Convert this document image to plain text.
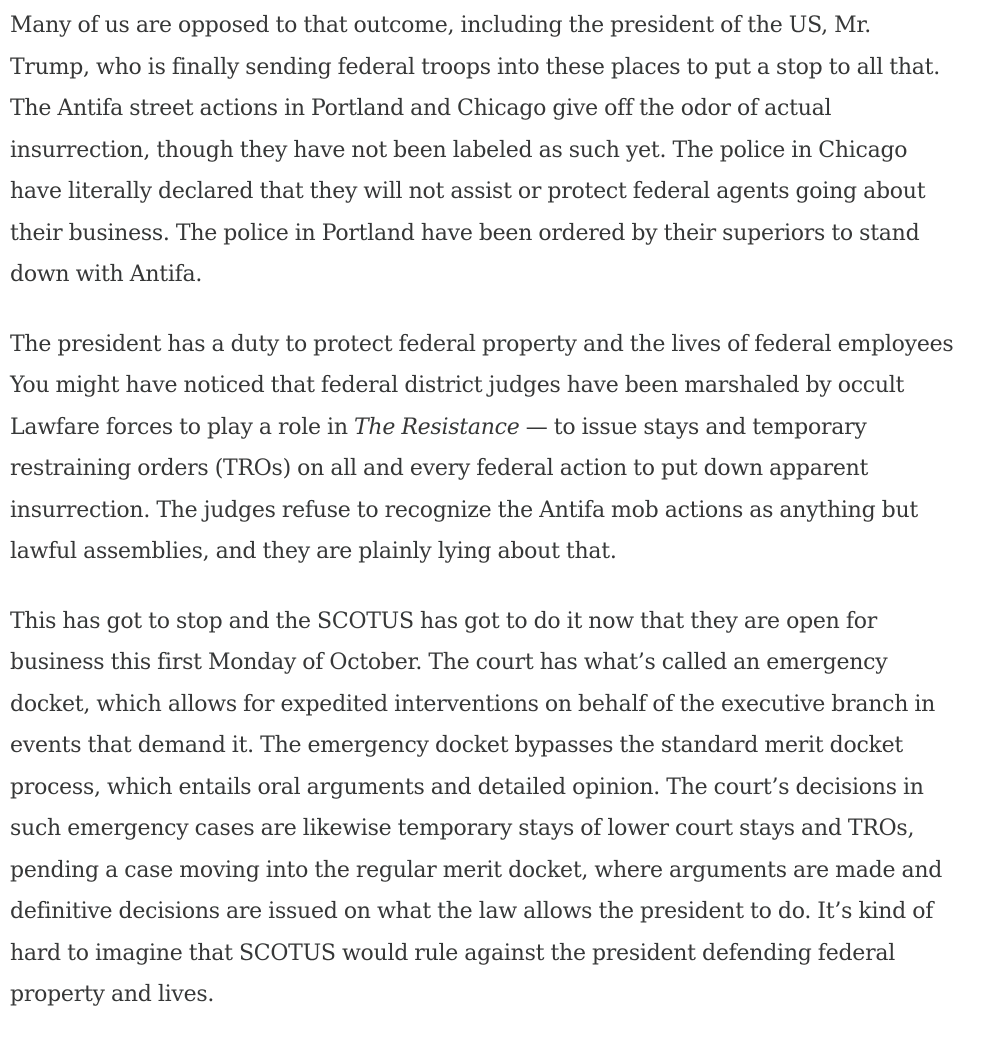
Many of us are opposed to that outcome, including the president of the US, Mr.
Trump, who is finally sending federal troops into these places to put a stop to all that.
The Antifa street actions in Portland and Chicago give off the odor of actual
insurrection, though they have not been labeled as such yet. The police in Chicago
have literally declared that they will not assist or protect federal agents going about
their business. The police in Portland have been ordered by their superiors to stand
down with Antifa.

The president has a duty to protect federal property and the lives of federal employees
You might have noticed that federal district judges have been marshaled by occult
Lawfare forces to play a role in The Resistance — to issue stays and temporary
restraining orders (TROs) on all and every federal action to put down apparent
insurrection. The judges refuse to recognize the Antifa mob actions as anything but
lawful assemblies, and they are plainly lying about that.

This has got to stop and the SCOTUS has got to do it now that they are open for
business this first Monday of October. The court has what’s called an emergency
docket, which allows for expedited interventions on behalf of the executive branch in
events that demand it. The emergency docket bypasses the standard merit docket
process, which entails oral arguments and detailed opinion. The court’s decisions in
such emergency cases are likewise temporary stays of lower court stays and TROs,
pending a case moving into the regular merit docket, where arguments are made and
definitive decisions are issued on what the law allows the president to do. It’s kind of
hard to imagine that SCOTUS would rule against the president defending federal
property and lives.
